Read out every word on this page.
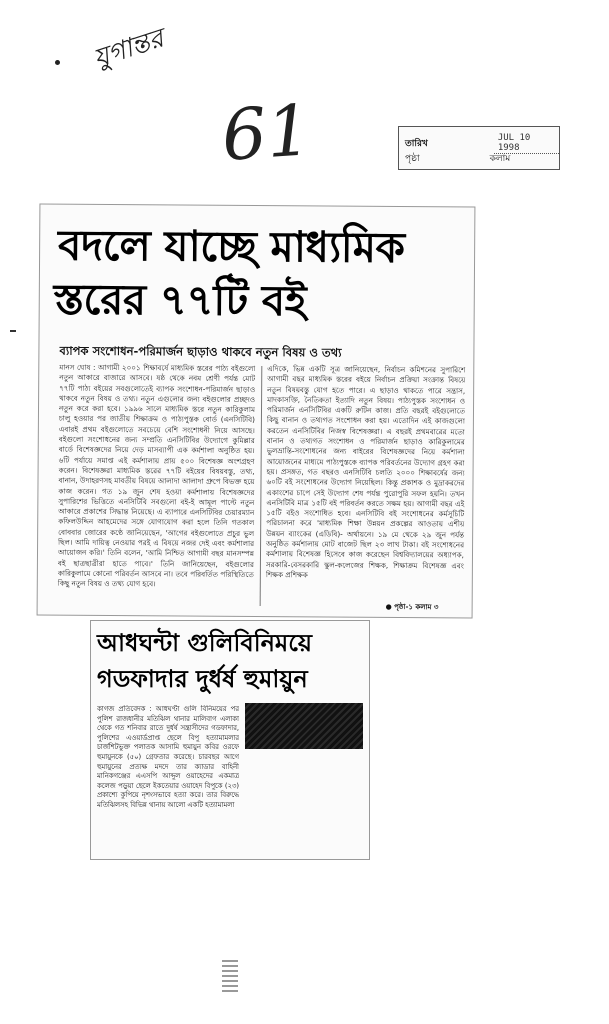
যুগান্তর
61	তারিখ
JUL 10 1998
পৃষ্ঠা	কলাম
বদলে যাচ্ছে মাধ্যমিক
স্তরের ৭৭টি বই
ব্যাপক সংশোধন-পরিমার্জন ছাড়াও থাকবে নতুন বিষয় ও তথ্য
মানস ঘোষ : আগামী ২০০১ শিক্ষাবর্ষে মাধ্যমিক স্তরের পাঠ্য বইগুলো নতুন আকারে বাজারে আসবে। ষষ্ঠ থেকে নবম শ্রেণী পর্যন্ত মোট ৭৭টি পাঠ্য বইয়ের সবগুলোতেই ব্যাপক সংশোধন-পরিমার্জন ছাড়াও থাকবে নতুন বিষয় ও তথ্য। নতুন এগুলোর জন্য বইগুলোর প্রচ্ছদও নতুন করে করা হবে। ১৯৯৬ সালে মাধ্যমিক স্তরে নতুন কারিকুলাম চালু হওয়ার পর জাতীয় শিক্ষাক্রম ও পাঠ্যপুস্তক বোর্ড (এনসিটিবি) এবারই প্রথম বইগুলোতে সবচেয়ে বেশি সংশোধনী নিয়ে আসছে। বইগুলো সংশোধনের জন্য সম্প্রতি এনসিটিবির উদ্যোগে কুমিল্লার বার্ডে বিশেষজ্ঞদের নিয়ে দেড় মাসব্যাপী এক কর্মশালা অনুষ্ঠিত হয়। ৬টি পর্যায়ে সমাপ্ত এই কর্মশালায় প্রায় ৫০০ বিশেষজ্ঞ অংশগ্রহণ করেন। বিশেষজ্ঞরা মাধ্যমিক স্তরের ৭৭টি বইয়ের বিষয়বস্তু, তথ্য, বানান, উদাহরণসহ মাবতীয় বিষয়ে আলাদা আলাদা গ্রুপে বিভক্ত হয়ে কাজ করেন। গত ১৯ জুন শেষ হওয়া কর্মশালায় বিশেষজ্ঞদের সুপারিশের ভিত্তিতে এনসিটিবি সবগুলো বই-ই আমূল পাল্টে নতুন আকারে প্রকাশের সিদ্ধান্ত নিয়েছে। এ ব্যাপারে এনসিটিবির চেয়ারম্যান কফিলউদ্দিন আহমেদের সঙ্গে যোগাযোগ করা হলে তিনি গতকাল বোববার জোরের কণ্ঠে জানিয়েছেন, 'আগের বইগুলোতে প্রচুর ভুল ছিল। আমি দায়িত্ব নেওয়ার পরই এ বিষয়ে নজর দেই এবং কর্মশালার আয়োজন করি।' তিনি বলেন, 'আমি নিশ্চিত আগামী বছর মানসম্পন্ন বই ছাত্রছাত্রীরা হাতে পাবে।' তিনি জানিয়েছেন, বইগুলোর কারিকুলামে কোনো পরিবর্তন আসবে না। তবে পরিবর্তিত পরিস্থিতিতে কিছু নতুন বিষয় ও তথ্য যোগ হবে।
এদিকে, ভিন্ন একটি সূত্র জানিয়েছেন, নির্বাচন কমিশনের সুপারিশে আগামী বছর মাধ্যমিক স্তরের বইয়ে নির্বাচন প্রক্রিয়া সংক্রান্ত বিষয়ে নতুন বিষয়বস্তু যোগ হতে পারে। এ ছাড়াও থাকতে পারে সন্ত্রাস, মাদকাসক্তি, নৈতিকতা ইত্যাদি নতুন বিষয়। পাঠ্যপুস্তক সংশোধন ও পরিমার্জন এনসিটিবির একটি রুটিন কাজ। প্রতি বছরই বইগুলোতে কিছু বানান ও তথ্যগত সংশোধন করা হয়। এতোদিন এই কাজগুলো করতেন এনসিটিবির নিজস্ব বিশেষজ্ঞরা। এ বছরই প্রথমবারের মতো বানান ও তথ্যগত সংশোধন ও পরিমার্জন ছাড়াও কারিকুলামের ভুলভ্রান্তি-সংশোধনের জন্য বাইরের বিশেষজ্ঞদের নিয়ে কর্মশালা আয়োজনের মাধ্যমে পাঠ্যপুস্তকে ব্যাপক পরিবর্তনের উদ্যোগ গ্রহণ করা হয়। প্রসঙ্গত, গত বছরও এনসিটিবি চলতি ২০০০ শিক্ষাবর্ষের জন্য ৬০টি বই সংশোধনের উদ্যোগ নিয়েছিল। কিন্তু প্রকাশক ও মুদ্রাকরদের একাংশের চাপে সেই উদ্যোগ শেষ পর্যন্ত পুরোপুরি সফল হয়নি। তখন এনসিটিবি মাত্র ১৫টি বই পরিবর্তন করতে সক্ষম হয়। আগামী বছর এই ১৫টি বইও সংশোধিত হবে। এনসিটিবি বই সংশোধনের কর্মসূচিটি পরিচালনা করে 'মাধ্যমিক শিক্ষা উন্নয়ন প্রকল্পের আওতায় এশীয় উন্নয়ন ব্যাংকের (এডিবি)- অর্থায়নে। ১৯ মে থেকে ২৯ জুন পর্যন্ত অনুষ্ঠিত কর্মশালায় মোট বাজেট ছিল ২৩ লাখ টাকা। বই সংশোধনের কর্মশালায় বিশেষজ্ঞ হিসেবে কাজ করেছেন বিশ্ববিদ্যালয়ের অধ্যাপক, সরকারি-বেসরকারি স্কুল-কলেজের শিক্ষক, শিক্ষাক্রম বিশেষজ্ঞ এবং শিক্ষক প্রশিক্ষক
● পৃষ্ঠা-১ কলাম ৩
আধঘন্টা গুলিবিনিময়ে
গডফাদার দুর্ধর্ষ হুমায়ুন
কাগজ প্রতিবেদক : আধঘণ্টা গুলি বিনিময়ের পর পুলিশ রাজধানীর মতিঝিল থানার মালিবাগ এলাকা থেকে গত শনিবার রাতে দুর্ধর্ষ সন্ত্রাসীদের গডফাদার, পুলিশের এওয়ার্ডপ্রাপ্ত ছেলে বিপু হত্যামামলার চার্জশিটভুক্ত পলাতক আসামি হুমায়ুন কবির ওরফে হুমায়ুনকে (৫০) গ্রেফতার করেছে। চারবছর আগে হুমায়ুনের প্রত্যক্ষ মদদে তার ক্যাডার বাহিনী মানিকগঞ্জের এএসপি আব্দুল ওয়াহেদের একমাত্র কলেজ পড়ুয়া ছেলে ইকতেয়ার ওয়াহেদ বিপুকে (২৩) প্রকাশ্যে কুপিয়ে নৃশংসভাবে হত্যা করে। তার বিরুদ্ধে মতিঝিলসহ বিভিন্ন থানায় আলো একটি হত্যামামলা
